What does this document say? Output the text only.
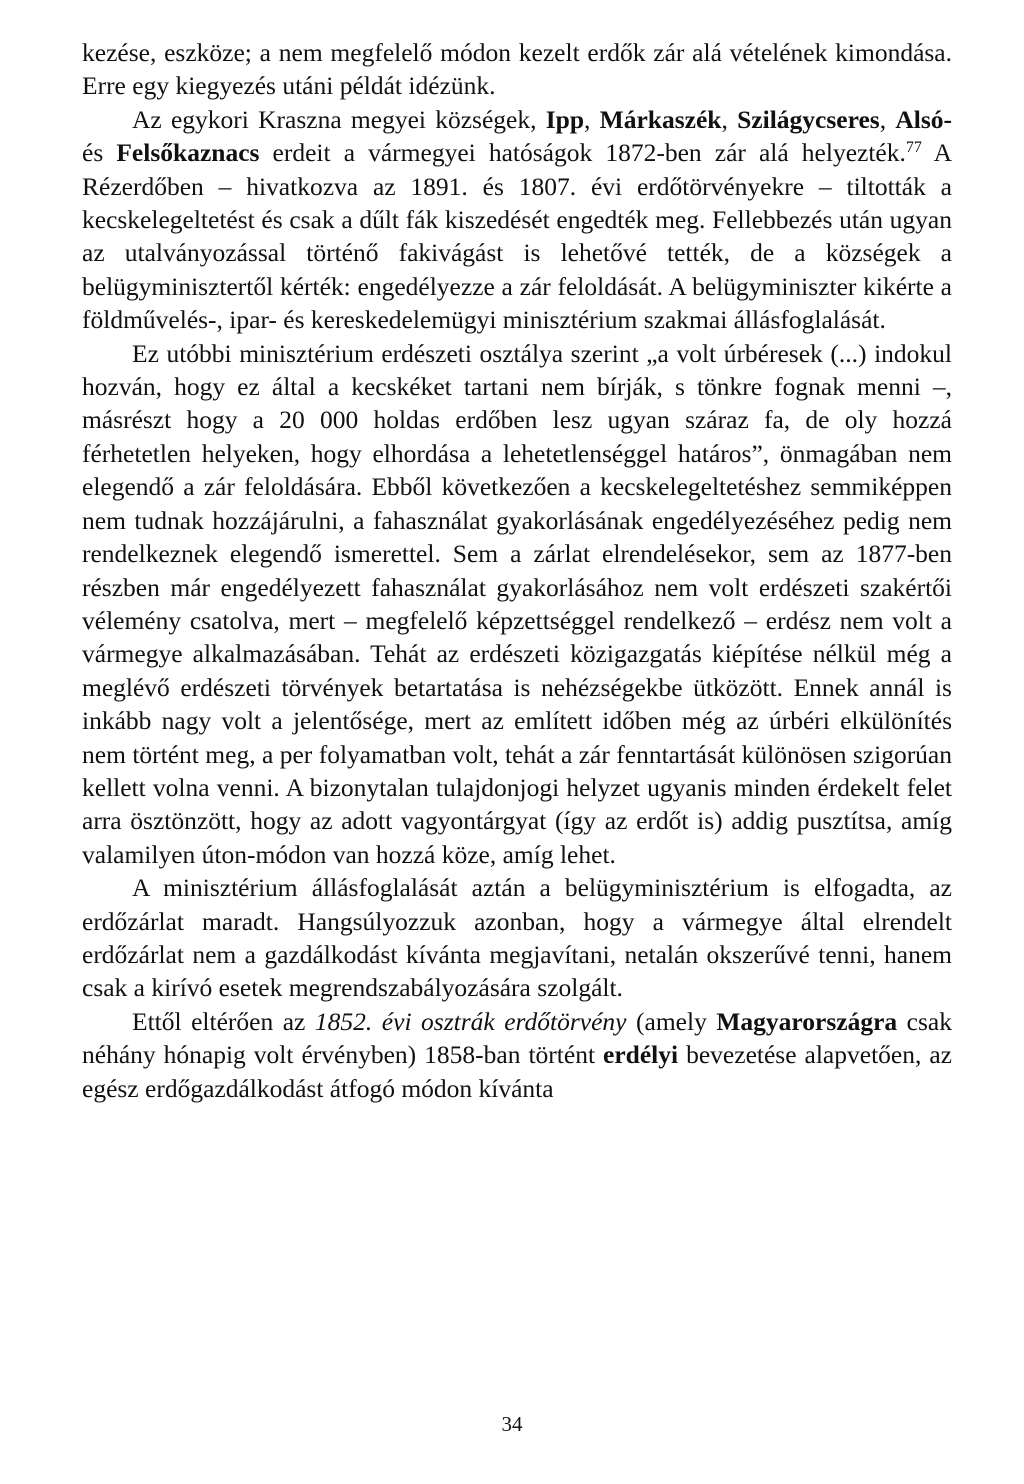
kezése, eszköze; a nem megfelelő módon kezelt erdők zár alá vételének kimondása. Erre egy kiegyezés utáni példát idézünk.

Az egykori Kraszna megyei községek, Ipp, Márkaszék, Szilágycseres, Alsó- és Felsőkaznacs erdeit a vármegyei hatóságok 1872-ben zár alá helyezték.$^{77}$ A Rézerdőben – hivatkozva az 1891. és 1807. évi erdőtörvényekre – tiltották a kecskelegeltetést és csak a dűlt fák kiszedését engedték meg. Fellebbezés után ugyan az utalványozással történő fakivágást is lehetővé tették, de a községek a belügyminisztertől kérték: engedélyezze a zár feloldását. A belügyminiszter kikérte a földművelés-, ipar- és kereskedelemügyi minisztérium szakmai állásfoglalását.

Ez utóbbi minisztérium erdészeti osztálya szerint „a volt úrbéresek (...) indokul hozván, hogy ez által a kecskéket tartani nem bírják, s tönkre fognak menni –, másrészt hogy a 20 000 holdas erdőben lesz ugyan száraz fa, de oly hozzá férhetetlen helyeken, hogy elhordása a lehetetlenséggel határos”, önmagában nem elegendő a zár feloldására. Ebből következően a kecskelegeltetéshez semmiképpen nem tudnak hozzájárulni, a fahasználat gyakorlásának engedélyezéséhez pedig nem rendelkeznek elegendő ismerettel. Sem a zárlat elrendelésekor, sem az 1877-ben részben már engedélyezett fahasználat gyakorlásához nem volt erdészeti szakértői vélemény csatolva, mert – megfelelő képzettséggel rendelkező – erdész nem volt a vármegye alkalmazásában. Tehát az erdészeti közigazgatás kiépítése nélkül még a meglévő erdészeti törvények betartatása is nehézségekbe ütközött. Ennek annál is inkább nagy volt a jelentősége, mert az említett időben még az úrbéri elkülönítés nem történt meg, a per folyamatban volt, tehát a zár fenntartását különösen szigorúan kellett volna venni. A bizonytalan tulajdonjogi helyzet ugyanis minden érdekelt felet arra ösztönzött, hogy az adott vagyontárgyat (így az erdőt is) addig pusztítsa, amíg valamilyen úton-módon van hozzá köze, amíg lehet.

A minisztérium állásfoglalását aztán a belügyminisztérium is elfogadta, az erdőzárlat maradt. Hangsúlyozzuk azonban, hogy a vármegye által elrendelt erdőzárlat nem a gazdálkodást kívánta megjavítani, netalán okszerűvé tenni, hanem csak a kirívó esetek megrendszabályozására szolgált.

Ettől eltérően az 1852. évi osztrák erdőtörvény (amely Magyarországra csak néhány hónapig volt érvényben) 1858-ban történt erdélyi bevezetése alapvetően, az egész erdőgazdálkodást átfogó módon kívánta

34
